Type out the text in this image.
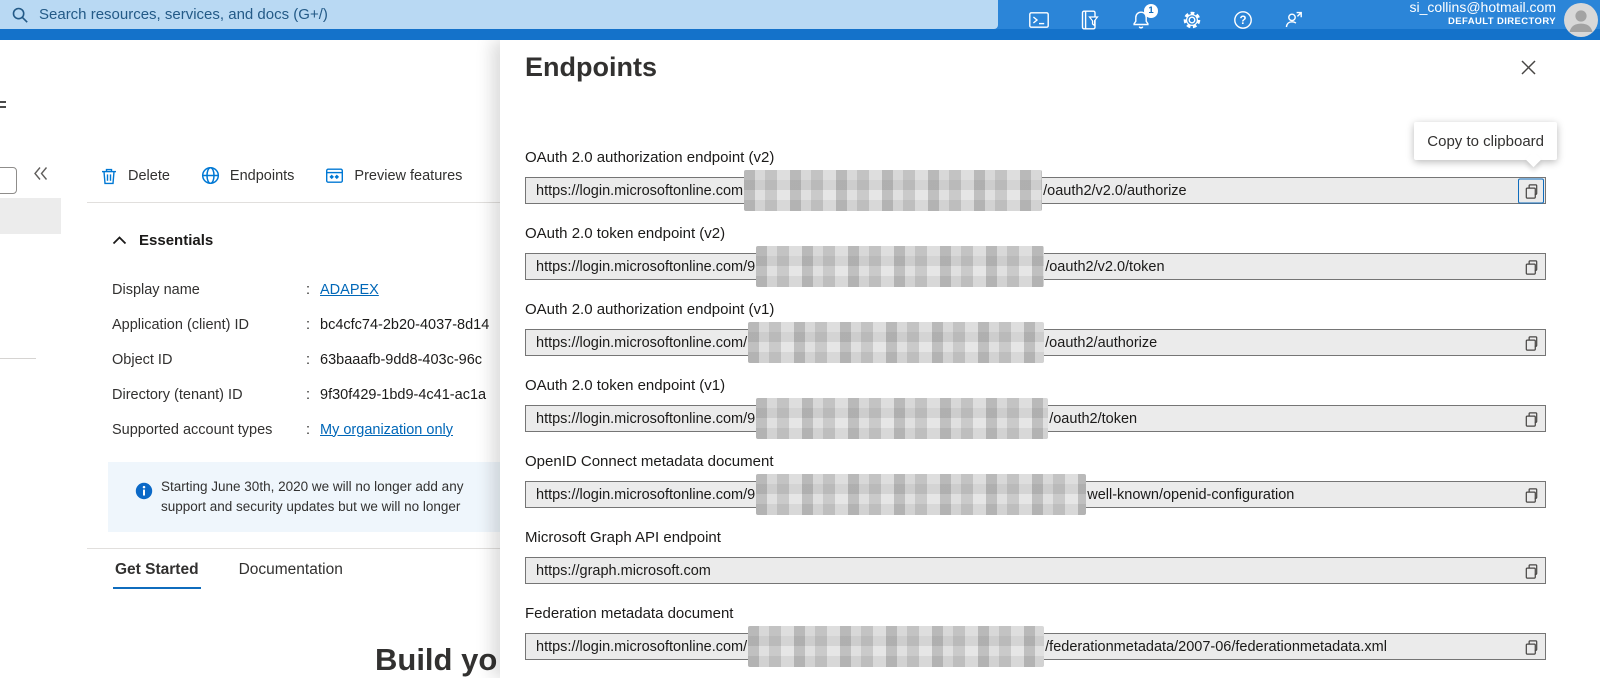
Search resources, services, and docs (G+/)	1
?
si_collins@hotmail.com
DEFAULT DIRECTORY
Delete	Endpoints	Preview features
Essentials
Display name	: ADAPEX
Application (client) ID	: bc4cfc74-2b20-4037-8d14
Object ID	: 63baaafb-9dd8-403c-96c
Directory (tenant) ID	: 9f30f429-1bd9-4c41-ac1a
Supported account types	: My organization only
Starting June 30th, 2020 we will no longer add any
support and security updates but we will no longer
Get Started	Documentation
Build yo
Endpoints
Copy to clipboard
OAuth 2.0 authorization endpoint (v2)
https://login.microsoftonline.com	/oauth2/v2.0/authorize
OAuth 2.0 token endpoint (v2)
https://login.microsoftonline.com/9	/oauth2/v2.0/token
OAuth 2.0 authorization endpoint (v1)
https://login.microsoftonline.com/	/oauth2/authorize
OAuth 2.0 token endpoint (v1)
https://login.microsoftonline.com/9	/oauth2/token
OpenID Connect metadata document
https://login.microsoftonline.com/9	well-known/openid-configuration
Microsoft Graph API endpoint
https://graph.microsoft.com
Federation metadata document
https://login.microsoftonline.com/	/federationmetadata/2007-06/federationmetadata.xml
